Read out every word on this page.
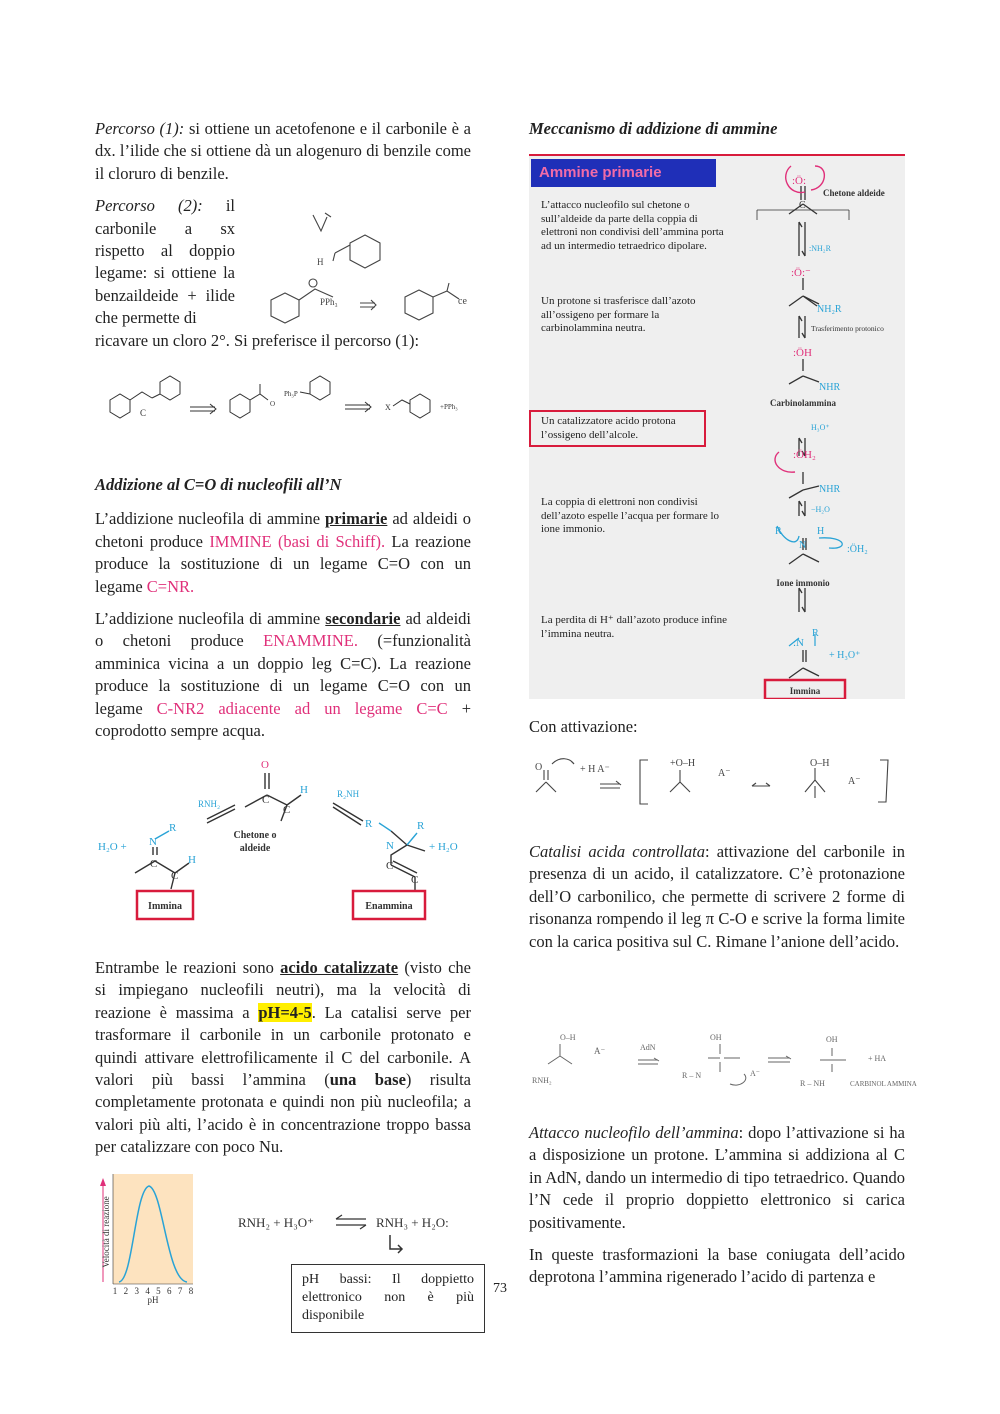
Percorso (1): si ottiene un acetofenone e il carbonile è a dx. l’ilide che si ottiene dà un alogenuro di benzile come il cloruro di benzile.

Percorso (2): il carbonile a sx rispetto al doppio legame: si ottiene la benzaildeide + ilide che permette di
ricavare un cloro 2°. Si preferisce il percorso (1):
H
PPh₃	ce
C
O
Ph₃P
X	+PPh₃

Addizione al C=O di nucleofili all’N

L’addizione nucleofila di ammine primarie ad aldeidi o chetoni produce IMMINE (basi di Schiff). La reazione produce la sostituzione di un legame C=O con un legame C=NR.

L’addizione nucleofila di ammine secondarie ad aldeidi o chetoni produce ENAMMINE. (=funzionalità amminica vicina a un doppio leg C=C). La reazione produce la sostituzione di un legame C=O con un legame C-NR2 adiacente ad un legame C=C + coprodotto sempre acqua.

O
C
C
H
RNH₂
R₂NH
Chetone o
aldeide
H₂O + N
R
C
C
H
R	R
N
C
C
+ H₂O
Immina	Enammina

Entrambe le reazioni sono acido catalizzate (visto che si impiegano nucleofili neutri), ma la velocità di reazione è massima a pH=4-5. La catalisi serve per trasformare il carbonile in un carbonile protonato e quindi attivare elettrofilicamente il C del carbonile. A valori più bassi l’ammina (una base) risulta completamente protonata e quindi non più nucleofila; a valori più alti, l’acido è in concentrazione troppo bassa per catalizzare con poco Nu.

1 2 3 4 5 6 7 8
pH
Velocità di reazione	RNH₂ + H₃O⁺	RNH₃ + H₂O:
pH bassi: Il doppietto elettronico non è più disponibile

Meccanismo di addizione di ammine

Ammine primarie
L’attacco nucleofilo sul chetone o sull’aldeide da parte della coppia di elettroni non condivisi dell’ammina porta ad un intermedio tetraedrico dipolare.
Un protone si trasferisce dall’azoto all’ossigeno per formare la carbinolammina neutra.
Un catalizzatore acido protona l’ossigeno dell’alcole.
La coppia di elettroni non condivisi dell’azoto espelle l’acqua per formare lo ione immonio.
La perdita di H⁺ dall’azoto produce infine l’immina neutra.
:Ö:
C
Chetone aldeide
:NH₂R
:Ö:⁻
NH₂R
Trasferimento protonico
:ÖH
NHR
Carbinolammina
H₃O⁺
:ÖH₂
NHR
−H₂O
R	H
N	:ÖH₂
Ione immonio
R
:N
+ H₃O⁺
Immina

Con attivazione:

+ H A⁻
O	+O–H
A⁻
O–H
A⁻

Catalisi acida controllata: attivazione del carbonile in presenza di un acido, il catalizzatore. C’è protonazione dell’O carbonilico, che permette di scrivere 2 forme di risonanza rompendo il leg π C-O e scrive la forma limite con la carica positiva sul C. Rimane l’anione dell’acido.

O–H
A⁻
RNH₂
AdN
OH
R – N	A⁻
OH
+ HA
R – NH	CARBINOL AMMINA

Attacco nucleofilo dell’ammina: dopo l’attivazione si ha a disposizione un protone. L’ammina si addiziona al C in AdN, dando un intermedio di tipo tetraedrico. Quando l’N cede il proprio doppietto elettronico si carica positivamente.

In queste trasformazioni la base coniugata dell’acido deprotona l’ammina rigenerado l’acido di partenza e

73
